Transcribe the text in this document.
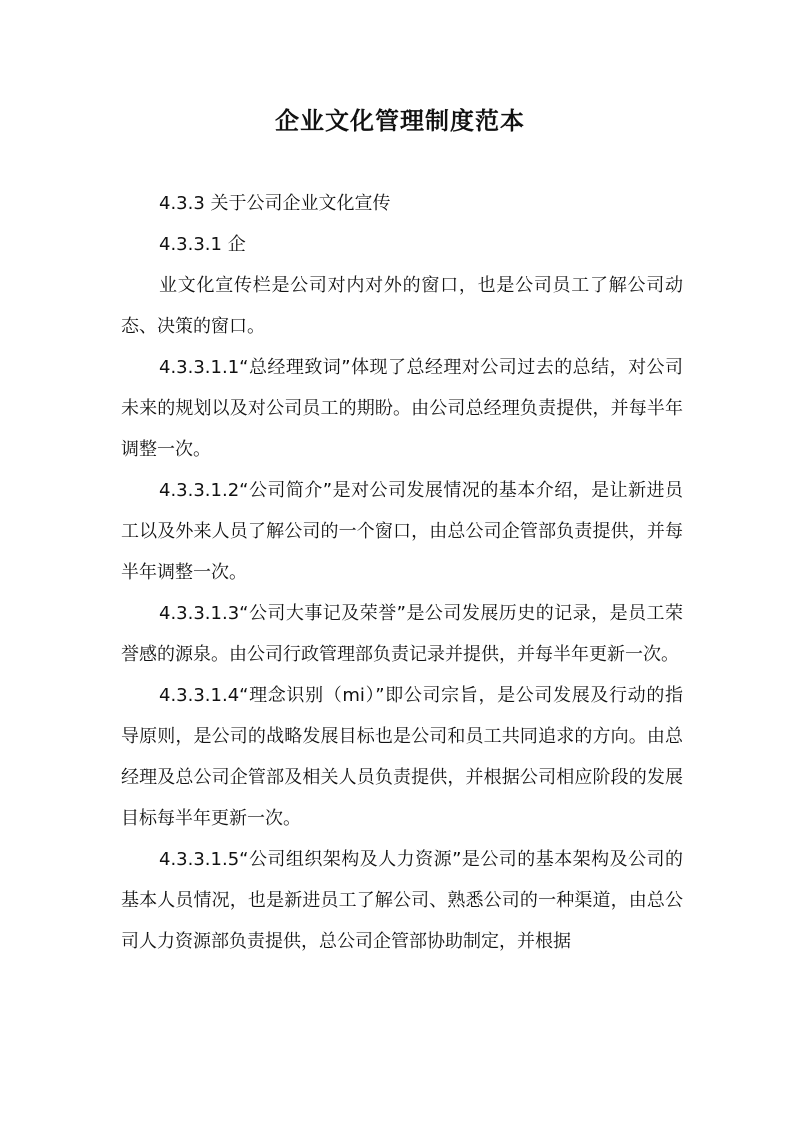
企业文化管理制度范本

4.3.3 关于公司企业文化宣传

4.3.3.1 企

业文化宣传栏是公司对内对外的窗口，也是公司员工了解公司动态、决策的窗口。

4.3.3.1.1“总经理致词”体现了总经理对公司过去的总结，对公司未来的规划以及对公司员工的期盼。由公司总经理负责提供，并每半年调整一次。

4.3.3.1.2“公司简介”是对公司发展情况的基本介绍，是让新进员工以及外来人员了解公司的一个窗口，由总公司企管部负责提供，并每半年调整一次。

4.3.3.1.3“公司大事记及荣誉”是公司发展历史的记录，是员工荣誉感的源泉。由公司行政管理部负责记录并提供，并每半年更新一次。

4.3.3.1.4“理念识别（mi）”即公司宗旨，是公司发展及行动的指导原则，是公司的战略发展目标也是公司和员工共同追求的方向。由总经理及总公司企管部及相关人员负责提供，并根据公司相应阶段的发展目标每半年更新一次。

4.3.3.1.5“公司组织架构及人力资源”是公司的基本架构及公司的基本人员情况，也是新进员工了解公司、熟悉公司的一种渠道，由总公司人力资源部负责提供，总公司企管部协助制定，并根据
